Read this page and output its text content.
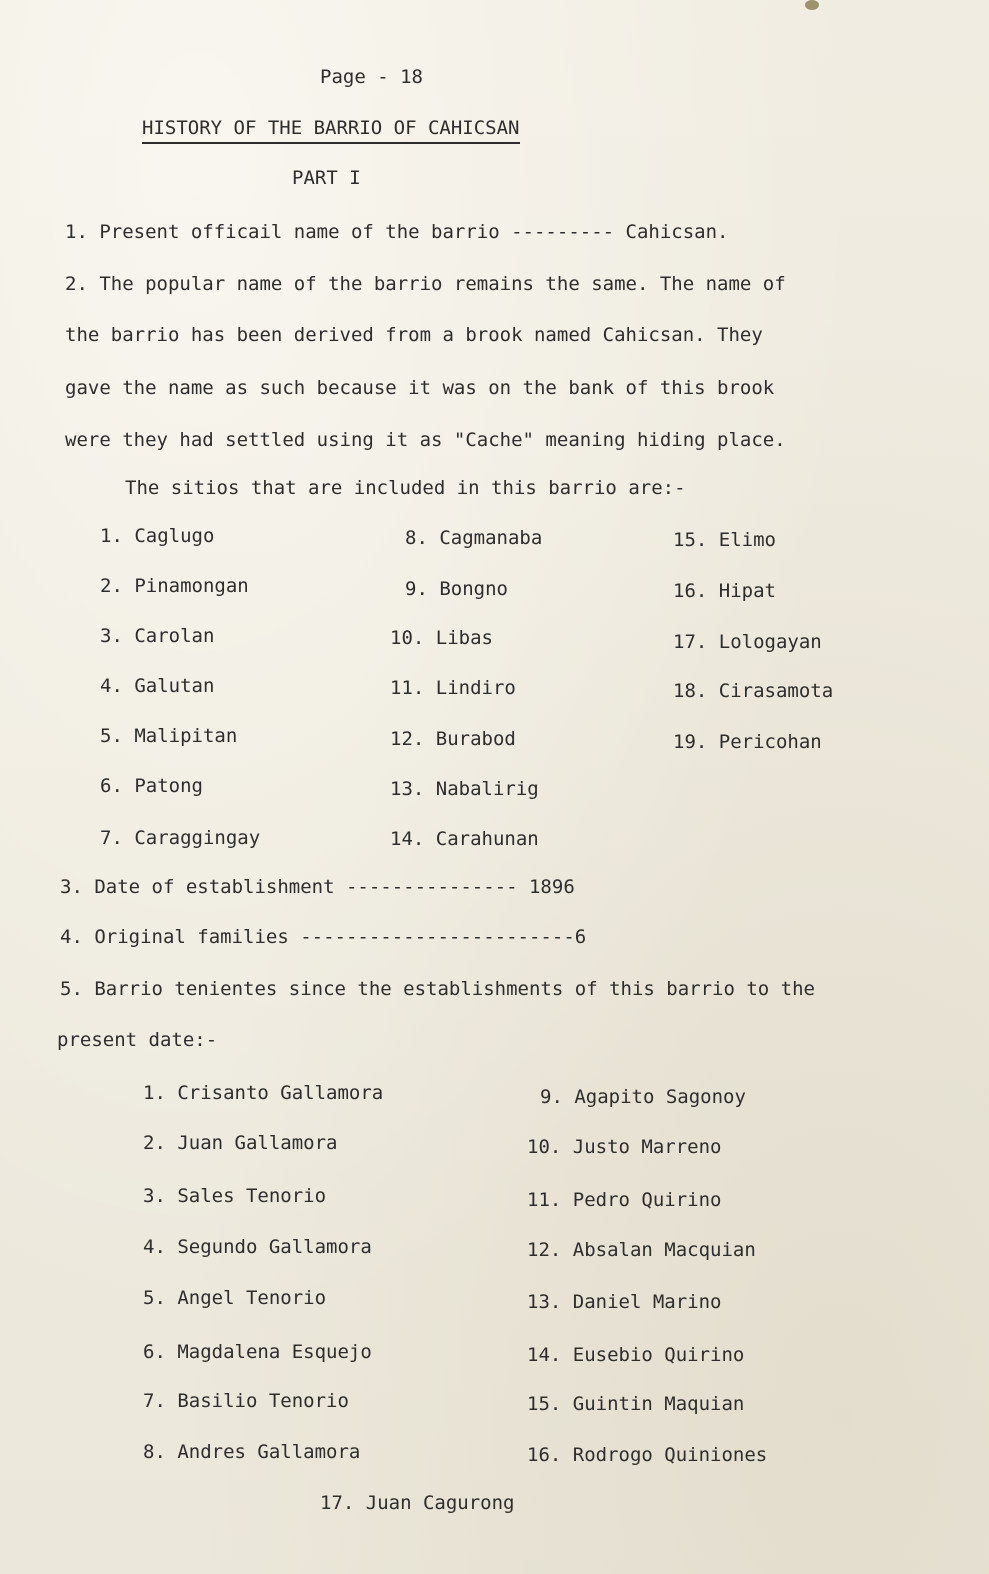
Page - 18
HISTORY OF THE BARRIO OF CAHICSAN
PART I
1. Present officail name of the barrio --------- Cahicsan.
2. The popular name of the barrio remains the same. The name of
the barrio has been derived from a brook named Cahicsan. They
gave the name as such because it was on the bank of this brook
were they had settled using it as "Cache" meaning hiding place.
The sitios that are included in this barrio are:-
1. Caglugo
2. Pinamongan
3. Carolan
4. Galutan
5. Malipitan
6. Patong
7. Caraggingay
8. Cagmanaba
9. Bongno
10. Libas
11. Lindiro
12. Burabod
13. Nabalirig
14. Carahunan
15. Elimo
16. Hipat
17. Lologayan
18. Cirasamota
19. Pericohan
3. Date of establishment --------------- 1896
4. Original families ------------------------6
5. Barrio tenientes since the establishments of this barrio to the
present date:-
1. Crisanto Gallamora
2. Juan Gallamora
3. Sales Tenorio
4. Segundo Gallamora
5. Angel Tenorio
6. Magdalena Esquejo
7. Basilio Tenorio
8. Andres Gallamora
9. Agapito Sagonoy
10. Justo Marreno
11. Pedro Quirino
12. Absalan Macquian
13. Daniel Marino
14. Eusebio Quirino
15. Guintin Maquian
16. Rodrogo Quiniones
17. Juan Cagurong
